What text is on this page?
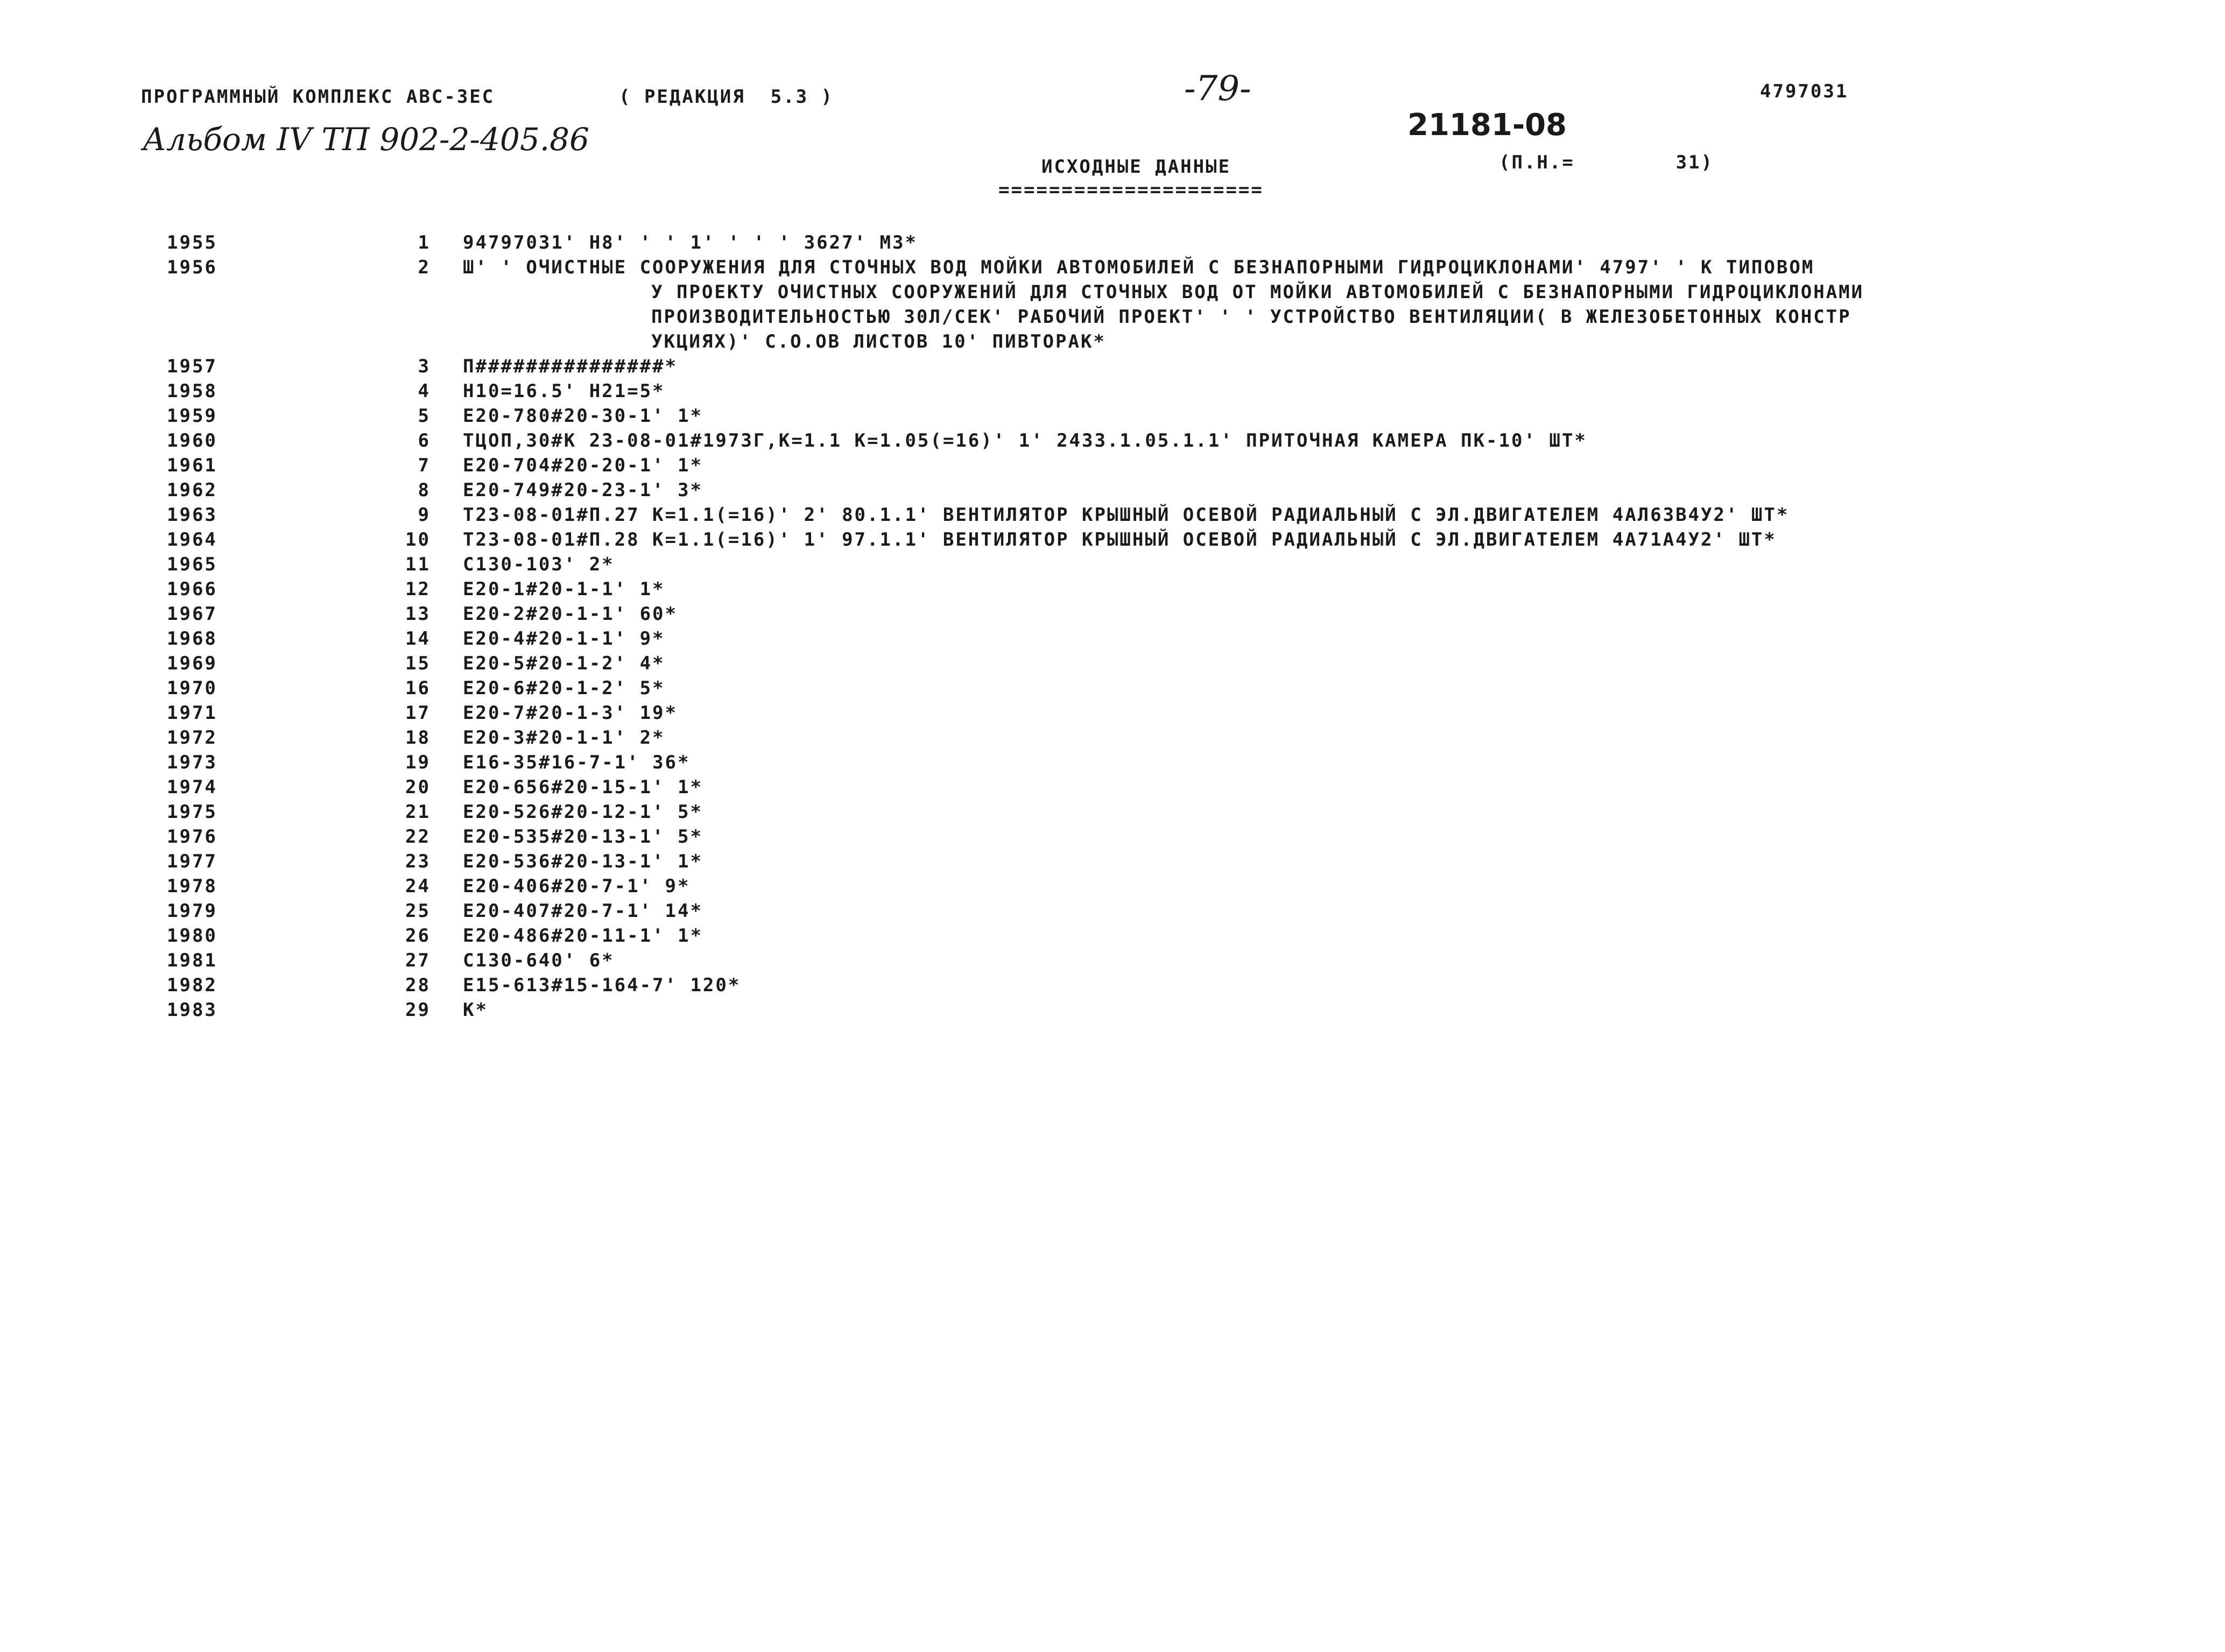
ПРОГРАММНЫЙ КОМПЛЕКС АВС-3ЕС	( РЕДАКЦИЯ  5.3 )	-79-	4797031
Альбом IV ТП 902-2-405.86	21181-08
ИСХОДНЫЕ ДАННЫЕ
=====================
(П.Н.=        31)
1955	1	94797031' Н8' ' ' 1' ' ' ' 3627' М3*
1956	2	Ш' ' ОЧИСТНЫЕ СООРУЖЕНИЯ ДЛЯ СТОЧНЫХ ВОД МОЙКИ АВТОМОБИЛЕЙ С БЕЗНАПОРНЫМИ ГИДРОЦИКЛОНАМИ' 4797' ' К ТИПОВОМ
У ПРОЕКТУ ОЧИСТНЫХ СООРУЖЕНИЙ ДЛЯ СТОЧНЫХ ВОД ОТ МОЙКИ АВТОМОБИЛЕЙ С БЕЗНАПОРНЫМИ ГИДРОЦИКЛОНАМИ
ПРОИЗВОДИТЕЛЬНОСТЬЮ 30Л/СЕК' РАБОЧИЙ ПРОЕКТ' ' ' УСТРОЙСТВО ВЕНТИЛЯЦИИ( В ЖЕЛЕЗОБЕТОННЫХ КОНСТР
УКЦИЯХ)' С.О.ОВ ЛИСТОВ 10' ПИВТОРАК*
1957	3	П###############*
1958	4	Н10=16.5' Н21=5*
1959	5	Е20-780#20-30-1' 1*
1960	6	ТЦОП,30#К 23-08-01#1973Г,К=1.1 К=1.05(=16)' 1' 2433.1.05.1.1' ПРИТОЧНАЯ КАМЕРА ПК-10' ШТ*
1961	7	Е20-704#20-20-1' 1*
1962	8	Е20-749#20-23-1' 3*
1963	9	Т23-08-01#П.27 К=1.1(=16)' 2' 80.1.1' ВЕНТИЛЯТОР КРЫШНЫЙ ОСЕВОЙ РАДИАЛЬНЫЙ С ЭЛ.ДВИГАТЕЛЕМ 4АЛ63В4У2' ШТ*
1964	10	Т23-08-01#П.28 К=1.1(=16)' 1' 97.1.1' ВЕНТИЛЯТОР КРЫШНЫЙ ОСЕВОЙ РАДИАЛЬНЫЙ С ЭЛ.ДВИГАТЕЛЕМ 4А71А4У2' ШТ*
1965	11	С130-103' 2*
1966	12	Е20-1#20-1-1' 1*
1967	13	Е20-2#20-1-1' 60*
1968	14	Е20-4#20-1-1' 9*
1969	15	Е20-5#20-1-2' 4*
1970	16	Е20-6#20-1-2' 5*
1971	17	Е20-7#20-1-3' 19*
1972	18	Е20-3#20-1-1' 2*
1973	19	Е16-35#16-7-1' 36*
1974	20	Е20-656#20-15-1' 1*
1975	21	Е20-526#20-12-1' 5*
1976	22	Е20-535#20-13-1' 5*
1977	23	Е20-536#20-13-1' 1*
1978	24	Е20-406#20-7-1' 9*
1979	25	Е20-407#20-7-1' 14*
1980	26	Е20-486#20-11-1' 1*
1981	27	С130-640' 6*
1982	28	Е15-613#15-164-7' 120*
1983	29	К*
